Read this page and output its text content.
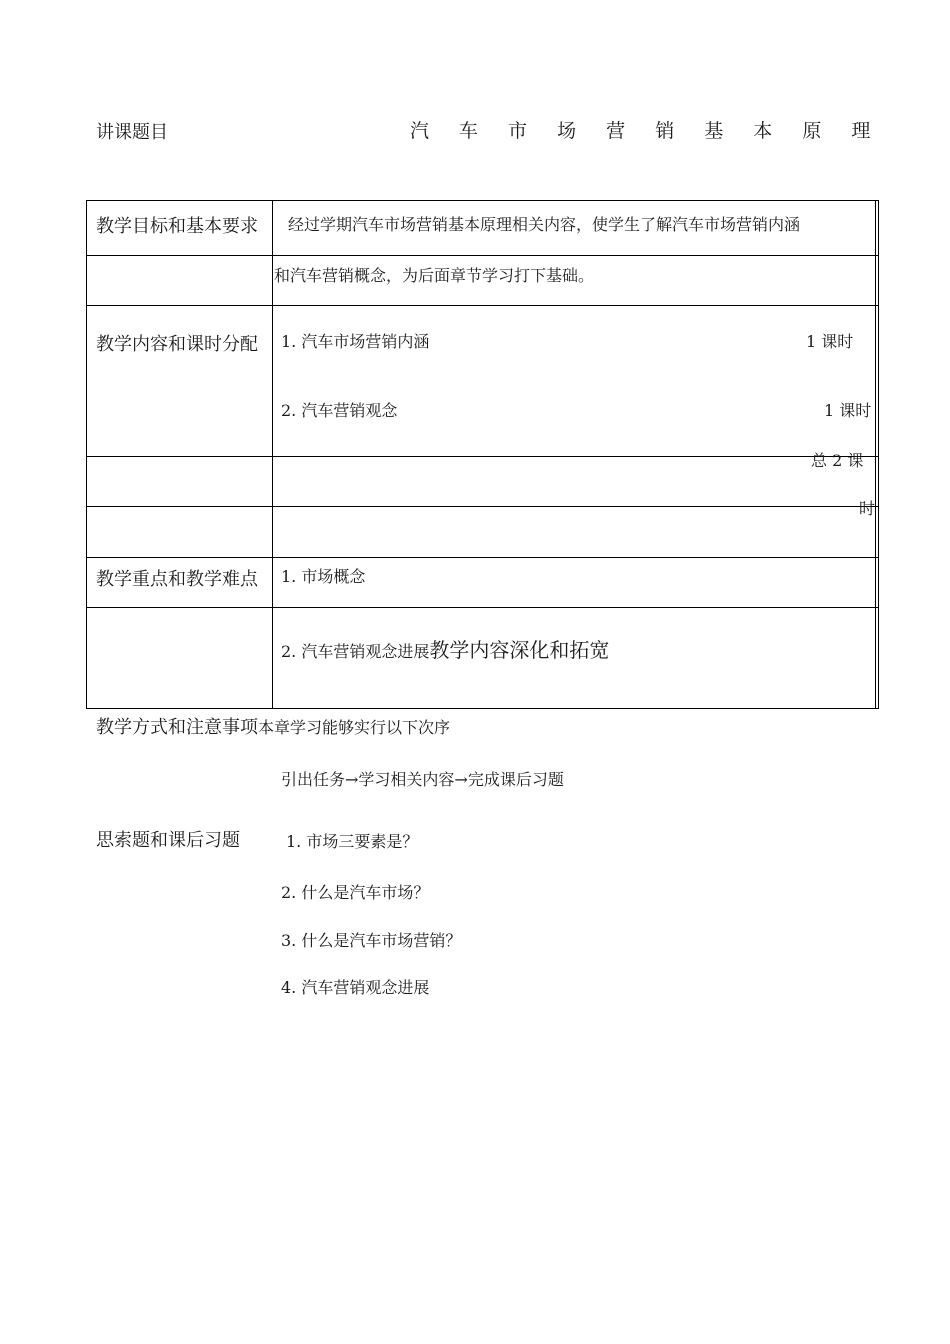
讲课题目	汽 车 市 场 营 销 基 本 原 理
教学目标和基本要求 经过学期汽车市场营销基本原理相关内容，使学生了解汽车市场营销内涵
和汽车营销概念，为后面章节学习打下基础。
教学内容和课时分配 1. 汽车市场营销内涵	1 课时
2. 汽车营销观念	1 课时
总 2 课
时
教学重点和教学难点 1. 市场概念
2. 汽车营销观念进展教学内容深化和拓宽
教学方式和注意事项本章学习能够实行以下次序
引出任务→学习相关内容→完成课后习题
思索题和课后习题	1. 市场三要素是？
2. 什么是汽车市场？
3. 什么是汽车市场营销？
4. 汽车营销观念进展
